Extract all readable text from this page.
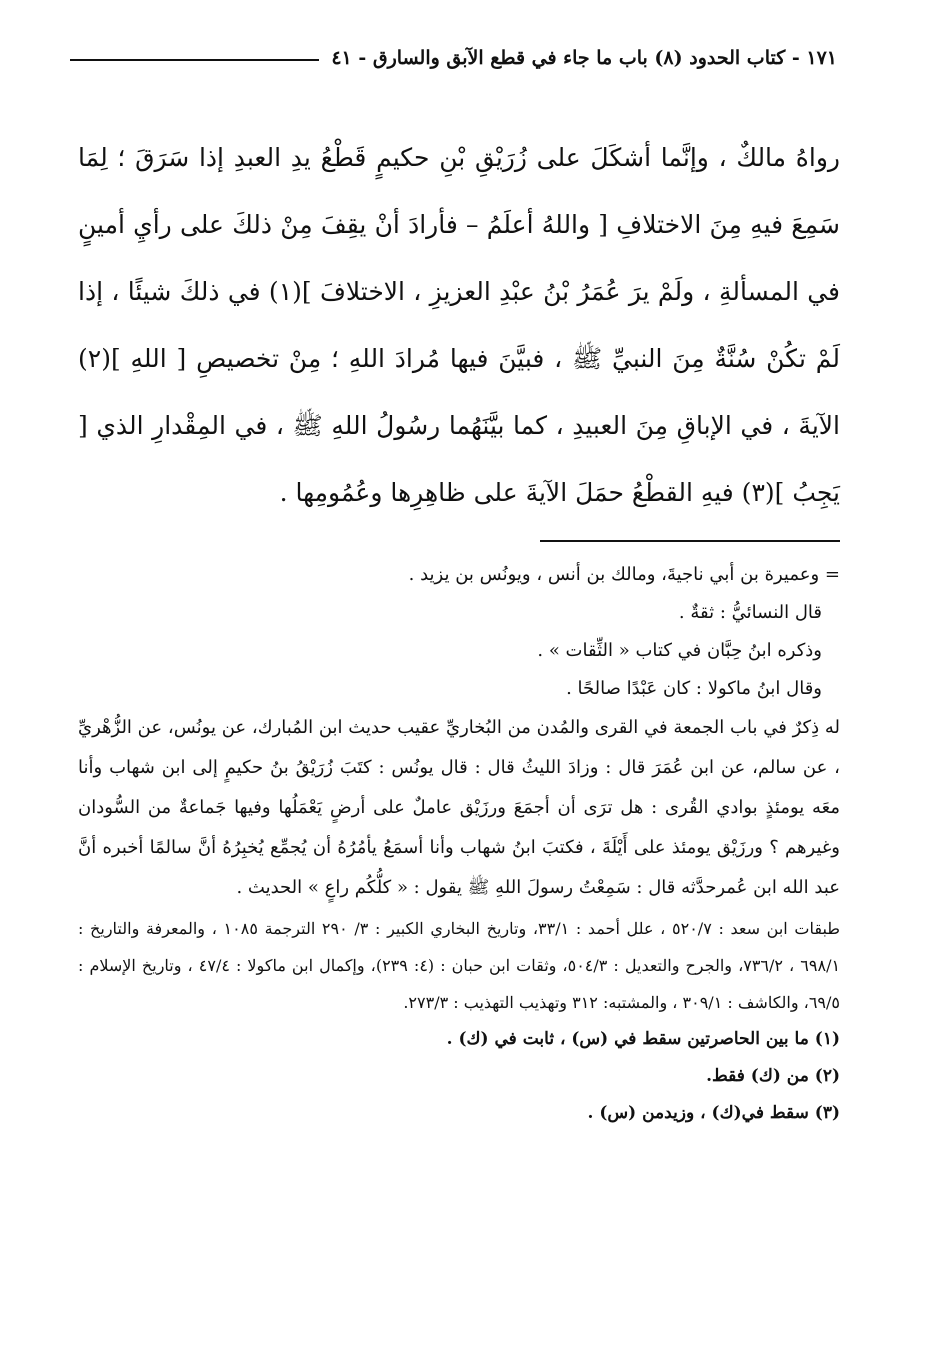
١٧١ - كتاب الحدود (٨) باب ما جاء في قطع الآبق والسارق - ٤١

رواهُ مالكٌ ، وإنَّما أشكَلَ على زُرَيْقِ بْنِ حكيمٍ قَطْعُ يدِ العبدِ إذا سَرَقَ ؛ لِمَا سَمِعَ فيهِ مِنَ الاختلافِ [ واللهُ أعلَمُ – فأرادَ أنْ يقِفَ مِنْ ذلكَ على رأيِ أمينٍ في المسألةِ ، ولَمْ يرَ عُمَرُ بْنُ عبْدِ العزيزِ ، الاختلافَ ](١) في ذلكَ شيئًا ، إذا لَمْ تكُنْ سُنَّةٌ مِنَ النبيِّ ﷺ ، فبيَّنَ فيها مُرادَ اللهِ ؛ مِنْ تخصيصِ [ اللهِ ](٢) الآيةَ ، في الإباقِ مِنَ العبيدِ ، كما بيَّنَهُما رسُولُ اللهِ ﷺ ، في المِقْدارِ الذي [ يَجِبُ ](٣) فيهِ القطْعُ حمَلَ الآيةَ على ظاهِرِها وعُمُومِها .

= وعميرة بن أبي ناجيةَ، ومالك بن أنس ، ويونُس بن يزيد .

قال النسائيُّ : ثقةٌ .

وذكره ابنُ حِبَّان في كتاب « الثِّقات » .

وقال ابنُ ماكولا : كان عَبْدًا صالحًا .

له ذِكرٌ في باب الجمعة في القرى والمُدن من البُخاريِّ عقيب حديث ابن المُبارك، عن يونُس، عن الزُّهْريِّ ، عن سالم، عن ابن عُمَرَ قال : وزادَ الليثُ قال : قال يونُس : كتَبَ زُرَيْقُ بنُ حكيمٍ إلى ابن شهاب وأنا معَه يومئذٍ بوادي القُرى : هل ترَى أن أجمَعَ ورزَيْق عاملٌ على أرضٍ يَعْمَلُها وفيها جَماعةٌ من السُّودان وغيرهم ؟ ورزَيْق يومئذ على أَيْلَةَ ، فكتبَ ابنُ شهاب وأنا أسمَعُ يأمُرُهُ أن يُجمِّع يُخبِرُهُ أنَّ سالمًا أخبره أنَّ عبد الله ابن عُمرحدَّثه قال : سَمِعْتُ رسولَ اللهِ ﷺ يقول : « كلُّكُم راعٍ » الحديث .

طبقات ابن سعد : ٥٢٠/٧ ، علل أحمد : ٣٣/١، وتاريخ البخاري الكبير : ٣/ ٢٩٠ الترجمة ١٠٨٥ ، والمعرفة والتاريخ : ٦٩٨/١ ، ٧٣٦/٢، والجرح والتعديل : ٥٠٤/٣، وثقات ابن حبان : (٤: ٢٣٩)، وإكمال ابن ماكولا : ٤٧/٤ ، وتاريخ الإسلام : ٦٩/٥، والكاشف : ٣٠٩/١ ، والمشتبه: ٣١٢ وتهذيب التهذيب : ٢٧٣/٣.

(١) ما بين الحاصرتين سقط في (س) ، ثابت في (ك) .

(٢) من (ك) فقط.

(٣) سقط في(ك) ، وزيدمن (س) .
